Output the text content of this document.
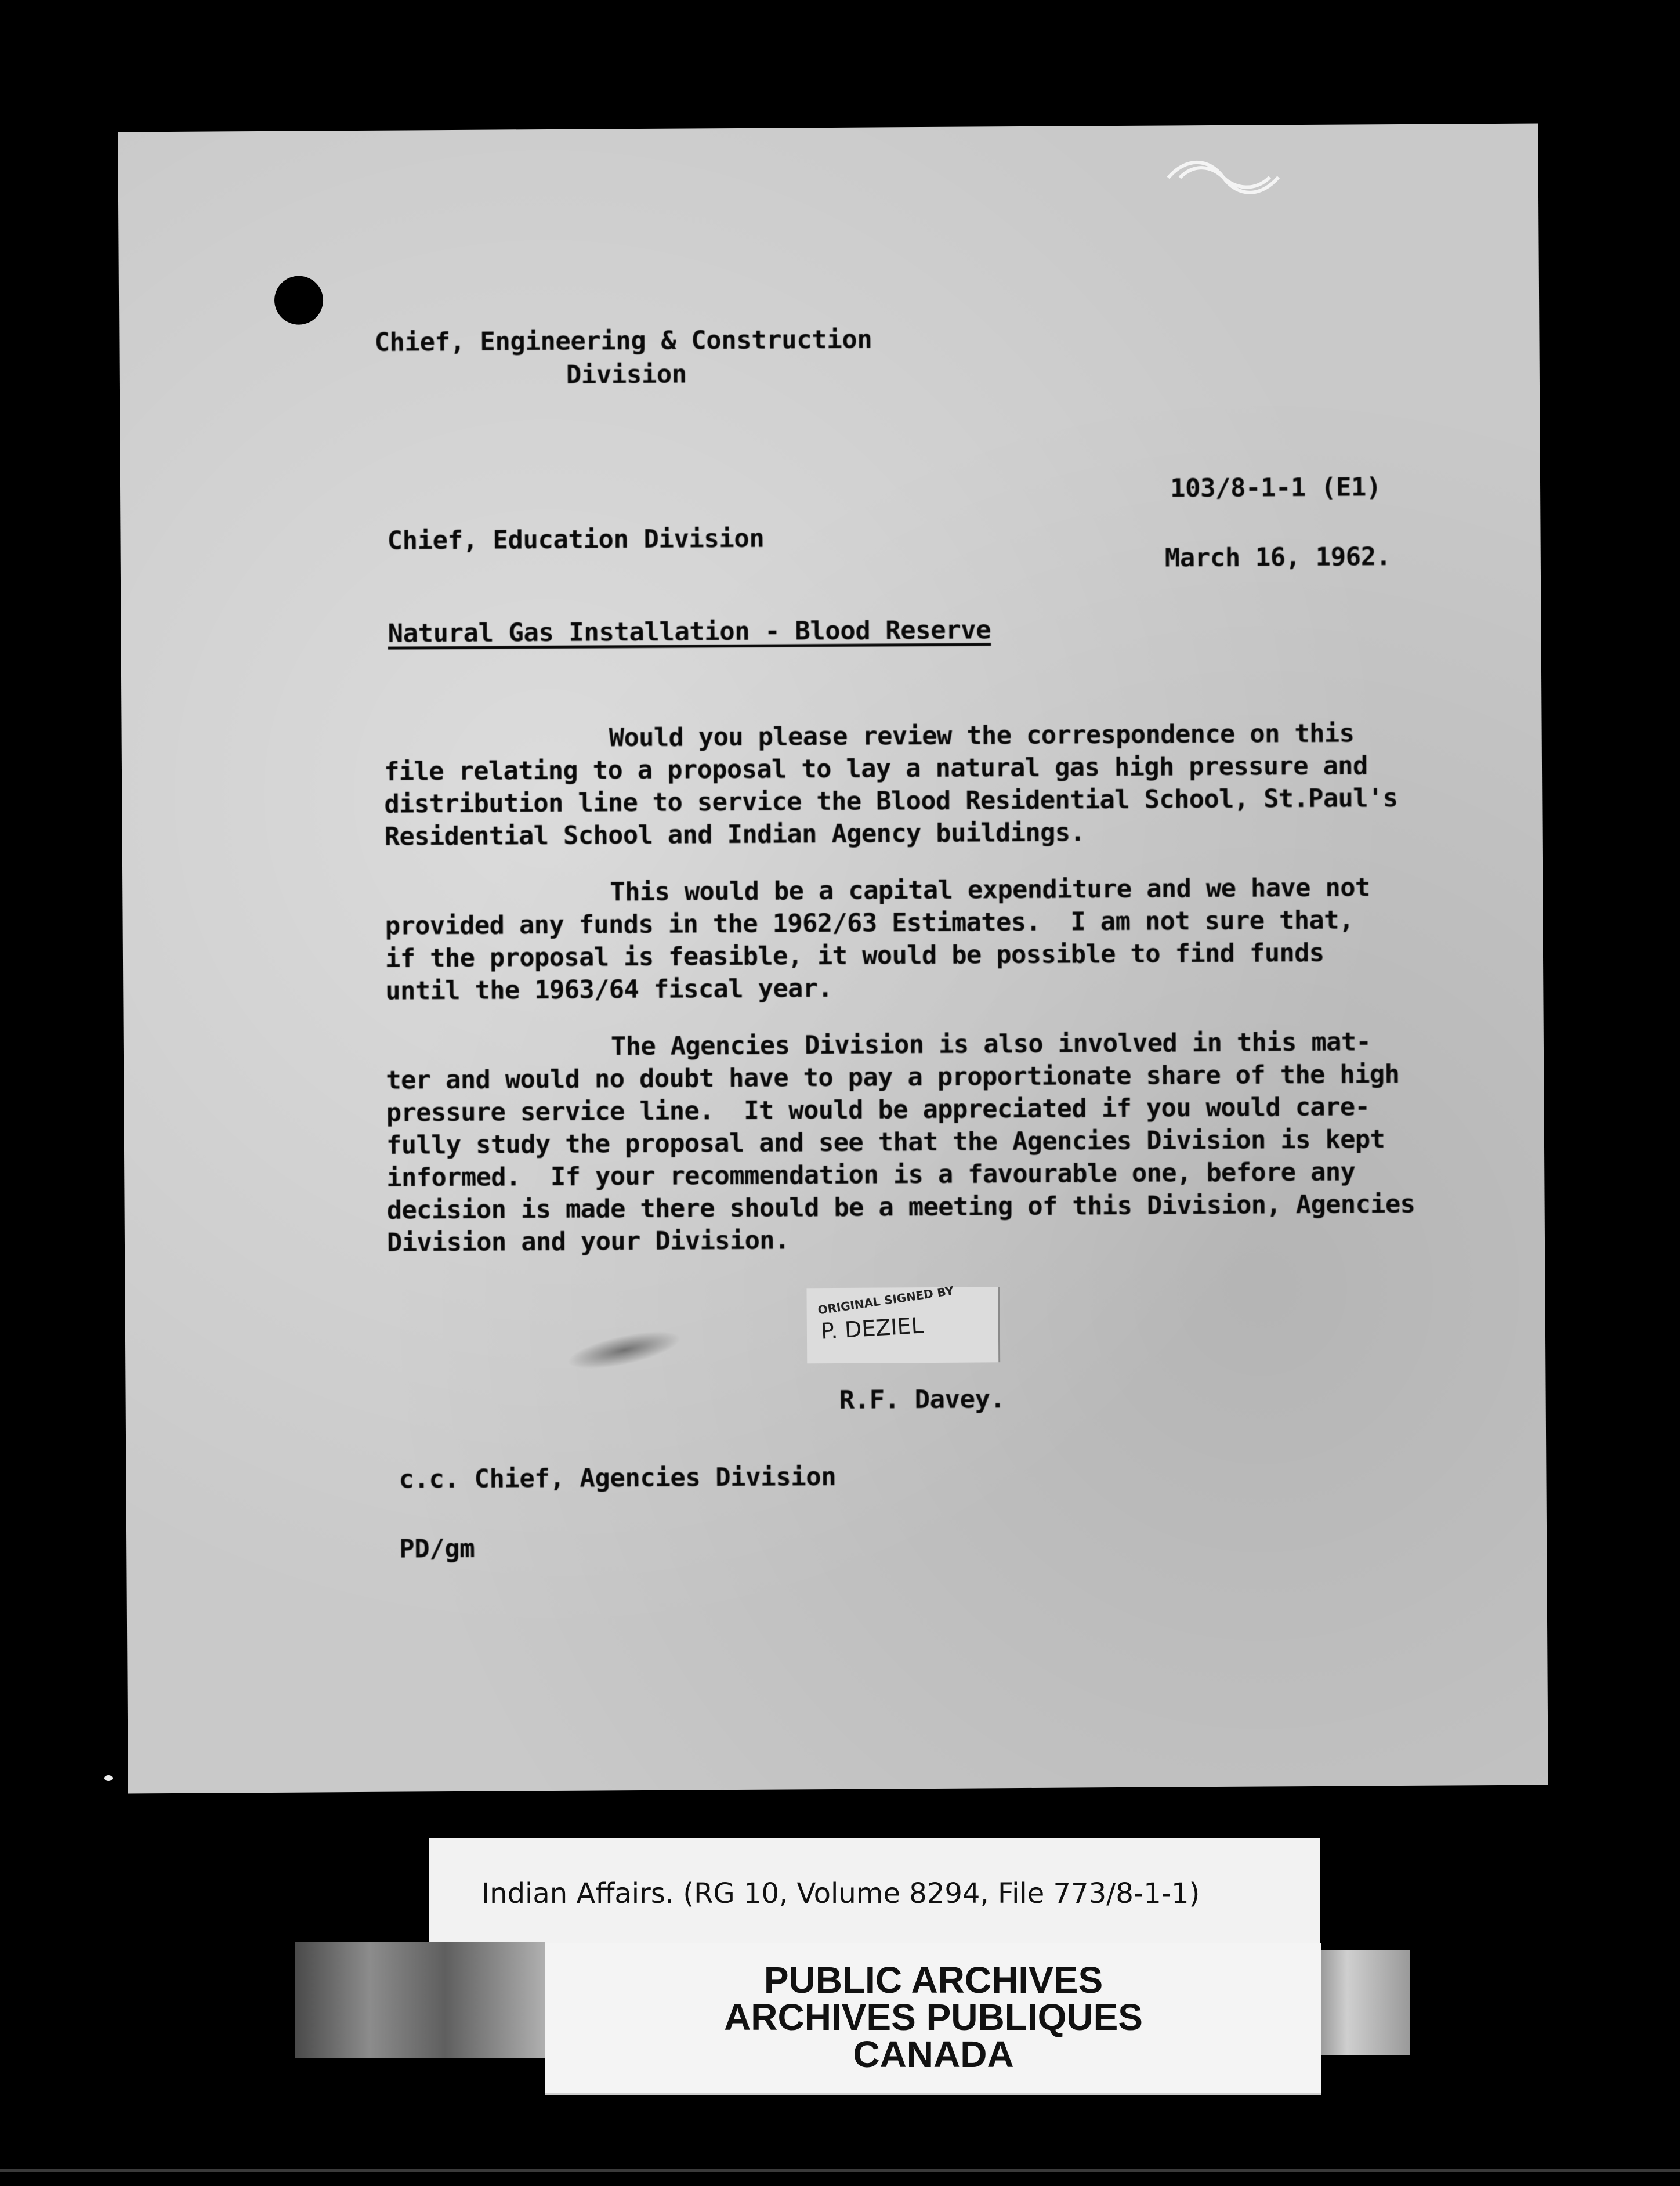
Chief, Engineering & Construction
Division
103/8-1-1 (E1)
Chief, Education Division
March 16, 1962.
Natural Gas Installation - Blood Reserve
Would you please review the correspondence on this
file relating to a proposal to lay a natural gas high pressure and
distribution line to service the Blood Residential School, St.Paul's
Residential School and Indian Agency buildings.
This would be a capital expenditure and we have not
provided any funds in the 1962/63 Estimates.  I am not sure that,
if the proposal is feasible, it would be possible to find funds
until the 1963/64 fiscal year.
The Agencies Division is also involved in this mat-
ter and would no doubt have to pay a proportionate share of the high
pressure service line.  It would be appreciated if you would care-
fully study the proposal and see that the Agencies Division is kept
informed.  If your recommendation is a favourable one, before any
decision is made there should be a meeting of this Division, Agencies
Division and your Division.
ORIGINAL SIGNED BY
P. DEZIEL
R.F. Davey.
c.c. Chief, Agencies Division
PD/gm
Indian Affairs. (RG 10, Volume 8294, File 773/8-1-1)
PUBLIC ARCHIVES
ARCHIVES PUBLIQUES
CANADA
